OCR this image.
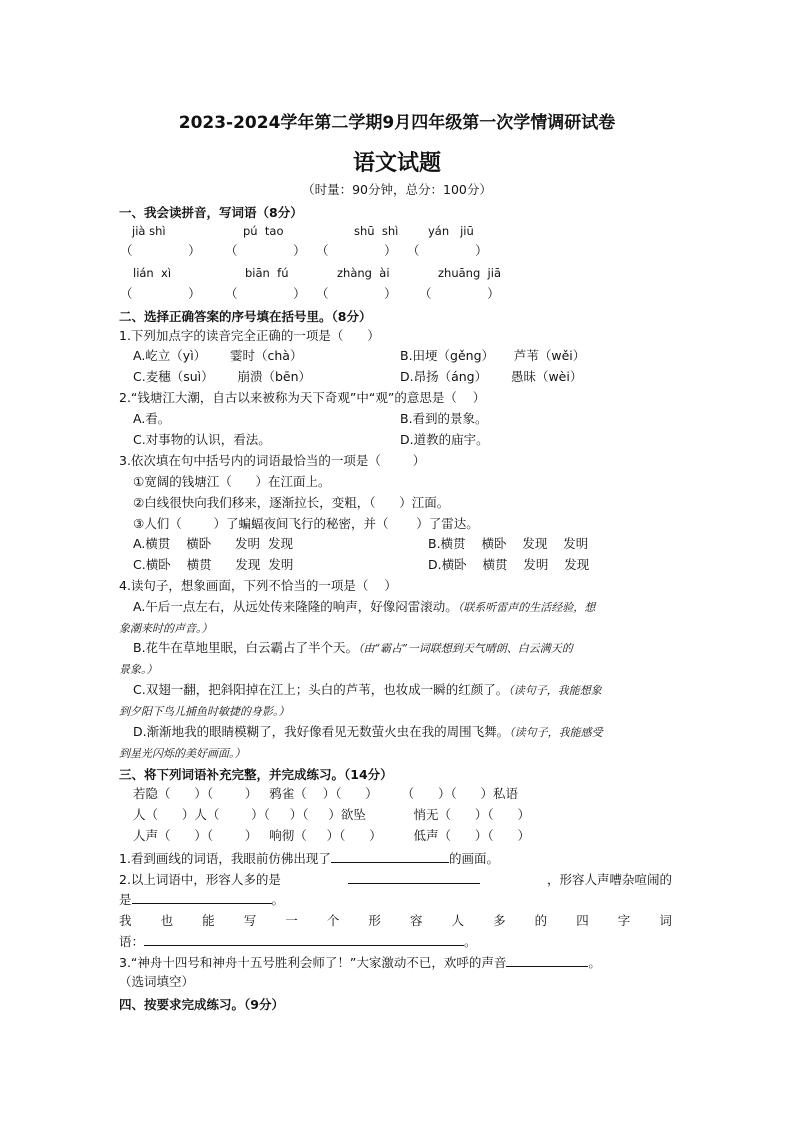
2023-2024学年第二学期9月四年级第一次学情调研试卷
语文试题
（时量：90分钟，总分：100分）
一、我会读拼音，写词语（8分）
jià shì	pú  tao	shū  shì	yán   jiū
（              ） （              ） （              ） （              ）
lián  xì	biān  fú	zhàng  ài	zhuāng  jiā
（              ） （              ） （              ） （              ）
二、选择正确答案的序号填在括号里。（8分）
1.下列加点字的读音完全正确的一项是（      ）
A.屹立（yì）      霎时（chà）	B.田埂（gěng）     芦苇（wěi）
C.麦穗（suì）      崩溃（bēn）	D.昂扬（áng）      愚昧（wèi）
2.“钱塘江大潮，自古以来被称为天下奇观”中“观”的意思是（    ）
A.看。	B.看到的景象。
C.对事物的认识，看法。	D.道教的庙宇。
3.依次填在句中括号内的词语最恰当的一项是（        ）
①宽阔的钱塘江（      ）在江面上。
②白线很快向我们移来，逐渐拉长，变粗，（      ）江面。
③人们（        ）了蝙蝠夜间飞行的秘密，并（       ）了雷达。
A.横贯    横卧      发明  发现	B.横贯    横卧    发现    发明
C.横卧    横贯      发现  发明	D.横卧    横贯    发明    发现
4.读句子，想象画面，下列不恰当的一项是（    ）
A.午后一点左右，从远处传来隆隆的响声，好像闷雷滚动。（联系听雷声的生活经验，想
象潮来时的声音。）
B.花牛在草地里眠，白云霸占了半个天。（由“霸占”一词联想到天气晴朗、白云满天的
景象。）
C.双翅一翻，把斜阳掉在江上；头白的芦苇，也妆成一瞬的红颜了。（读句子，我能想象
到夕阳下鸟儿捕鱼时敏捷的身影。）
D.渐渐地我的眼睛模糊了，我好像看见无数萤火虫在我的周围飞舞。（读句子，我能感受
到星光闪烁的美好画面。）
三、将下列词语补充完整，并完成练习。（14分）
若隐（      ）（        ）   鸦雀（    ）（      ）      （      ）（      ）私语
人（      ）人（        ）（     ）（     ）欲坠            悄无（      ）（      ）
人声（      ）（        ）   响彻（     ）（      ）        低声（      ）（      ）
1.看到画线的词语，我眼前仿佛出现了	的画面。
2.以上词语中，形容人多的是	，形容人声嘈杂喧闹的
是	。
我 也 能 写 一 个 形 容 人 多 的 四 字 词
语：	。
3.“神舟十四号和神舟十五号胜利会师了！”大家激动不已，欢呼的声音	。
（选词填空）
四、按要求完成练习。（9分）
